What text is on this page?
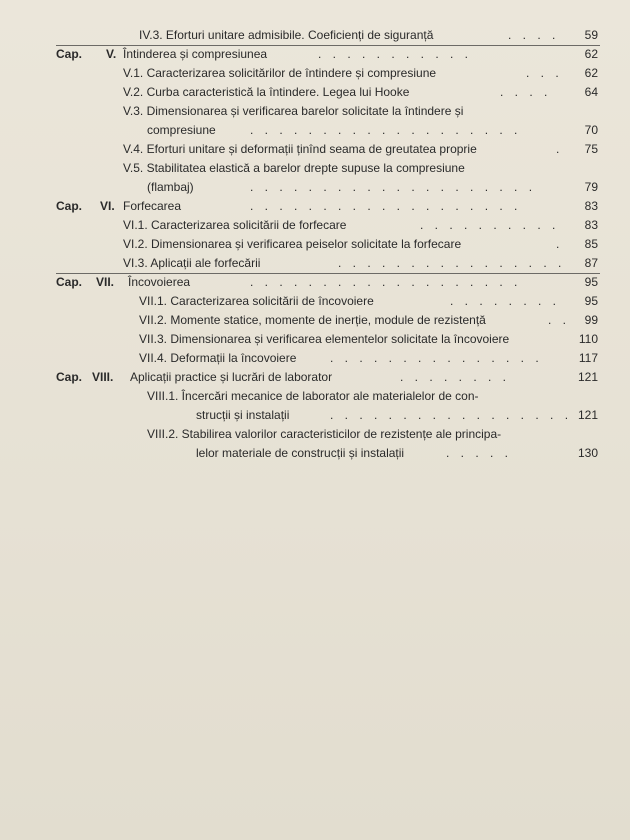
IV.3. Eforturi unitare admisibile. Coeficienți de siguranță	. . . .	59
Cap. V. Întinderea și compresiunea	. . . . . . . . . . .	62
V.1. Caracterizarea solicitărilor de întindere și compresiune	. . .	62
V.2. Curba caracteristică la întindere. Legea lui Hooke	. . . .	64
V.3. Dimensionarea și verificarea barelor solicitate la întindere și
compresiune	. . . . . . . . . . . . . . . . . . .	70
V.4. Eforturi unitare și deformații ținînd seama de greutatea proprie	.	75
V.5. Stabilitatea elastică a barelor drepte supuse la compresiune
(flambaj)	. . . . . . . . . . . . . . . . . . . .	79
Cap. VI. Forfecarea	. . . . . . . . . . . . . . . . . . .	83
VI.1. Caracterizarea solicitării de forfecare	. . . . . . . . . .	83
VI.2. Dimensionarea și verificarea peiselor solicitate la forfecare	.	85
VI.3. Aplicații ale forfecării	. . . . . . . . . . . . . . . .	87
Cap. VII. Încovoierea	. . . . . . . . . . . . . . . . . . .	95
VII.1. Caracterizarea solicitării de încovoiere	. . . . . . . .	95
VII.2. Momente statice, momente de inerție, module de rezistență	. .	99
VII.3. Dimensionarea și verificarea elementelor solicitate la încovoiere	110
VII.4. Deformații la încovoiere	. . . . . . . . . . . . . . .	117
Cap. VIII. Aplicații practice și lucrări de laborator	. . . . . . . .	121
VIII.1. Încercări mecanice de laborator ale materialelor de con-
strucții și instalații	. . . . . . . . . . . . . . . . . 121
VIII.2. Stabilirea valorilor caracteristicilor de rezistențe ale principa-
lelor materiale de construcții și instalații	. . . . .	130
